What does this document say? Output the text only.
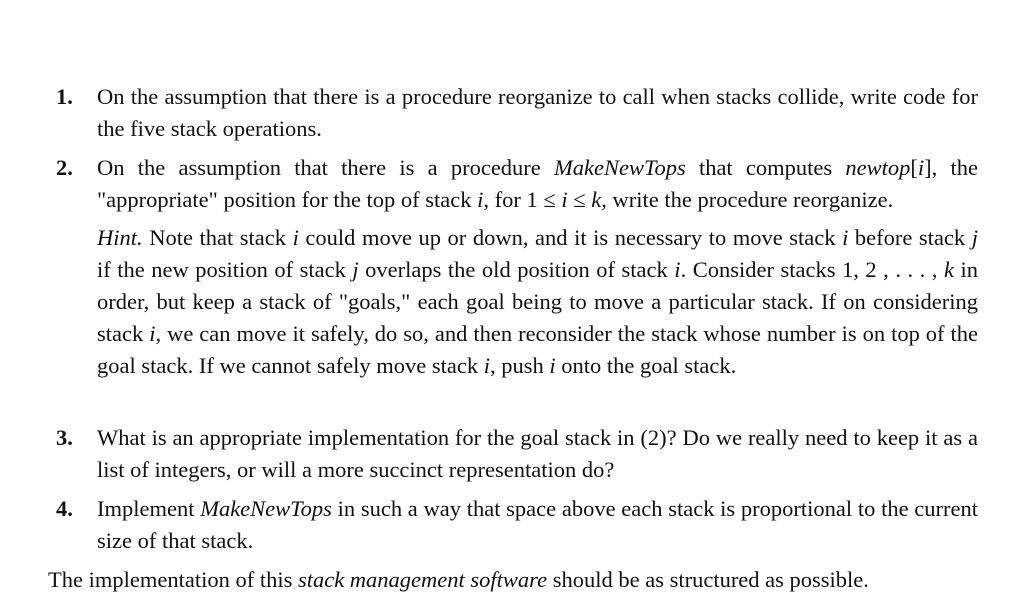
1.	On the assumption that there is a procedure reorganize to call when stacks collide, write code for the five stack operations.
2.	On the assumption that there is a procedure MakeNewTops that computes newtop[i], the "appropriate" position for the top of stack i, for 1 ≤ i ≤ k, write the procedure reorganize.
Hint. Note that stack i could move up or down, and it is necessary to move stack i before stack j if the new position of stack j overlaps the old position of stack i. Consider stacks 1, 2 , . . . , k in order, but keep a stack of "goals," each goal being to move a particular stack. If on considering stack i, we can move it safely, do so, and then reconsider the stack whose number is on top of the goal stack. If we cannot safely move stack i, push i onto the goal stack.
3.	What is an appropriate implementation for the goal stack in (2)? Do we really need to keep it as a list of integers, or will a more succinct representation do?
4.	Implement MakeNewTops in such a way that space above each stack is proportional to the current size of that stack.
The implementation of this stack management software should be as structured as possible.
